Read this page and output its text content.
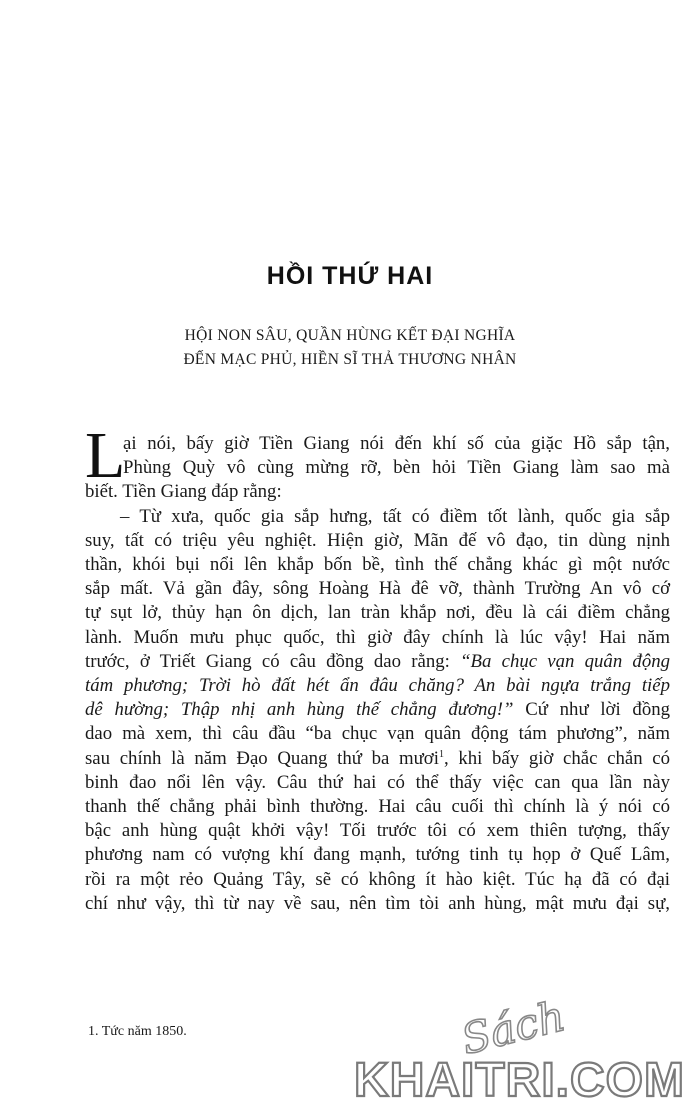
HỒI THỨ HAI
HỘI NON SÂU, QUẦN HÙNG KẾT ĐẠI NGHĨA
ĐẾN MẠC PHỦ, HIỀN SĨ THẢ THƯƠNG NHÂN
L
ại nói, bấy giờ Tiền Giang nói đến khí số của giặc Hồ sắp tận,
Phùng Quỳ vô cùng mừng rỡ, bèn hỏi Tiền Giang làm sao mà
biết. Tiền Giang đáp rằng:
– Từ xưa, quốc gia sắp hưng, tất có điềm tốt lành, quốc gia sắp
suy, tất có triệu yêu nghiệt. Hiện giờ, Mãn đế vô đạo, tin dùng nịnh
thần, khói bụi nổi lên khắp bốn bề, tình thế chẳng khác gì một nước
sắp mất. Vả gần đây, sông Hoàng Hà đê vỡ, thành Trường An vô cớ
tự sụt lở, thủy hạn ôn dịch, lan tràn khắp nơi, đều là cái điềm chẳng
lành. Muốn mưu phục quốc, thì giờ đây chính là lúc vậy! Hai năm
trước, ở Triết Giang có câu đồng dao rằng: “Ba chục vạn quân động
tám phương; Trời hò đất hét ẩn đâu chăng? An bài ngựa trắng tiếp
dê hường; Thập nhị anh hùng thế chẳng đương!” Cứ như lời đồng
dao mà xem, thì câu đầu “ba chục vạn quân động tám phương”, năm
sau chính là năm Đạo Quang thứ ba mươi$^1$, khi bấy giờ chắc chắn có
binh đao nổi lên vậy. Câu thứ hai có thể thấy việc can qua lần này
thanh thế chẳng phải bình thường. Hai câu cuối thì chính là ý nói có
bậc anh hùng quật khởi vậy! Tối trước tôi có xem thiên tượng, thấy
phương nam có vượng khí đang mạnh, tướng tinh tụ họp ở Quế Lâm,
rồi ra một rẻo Quảng Tây, sẽ có không ít hào kiệt. Túc hạ đã có đại
chí như vậy, thì từ nay về sau, nên tìm tòi anh hùng, mật mưu đại sự,
1. Tức năm 1850.	Sách
KHAITRI.COM
